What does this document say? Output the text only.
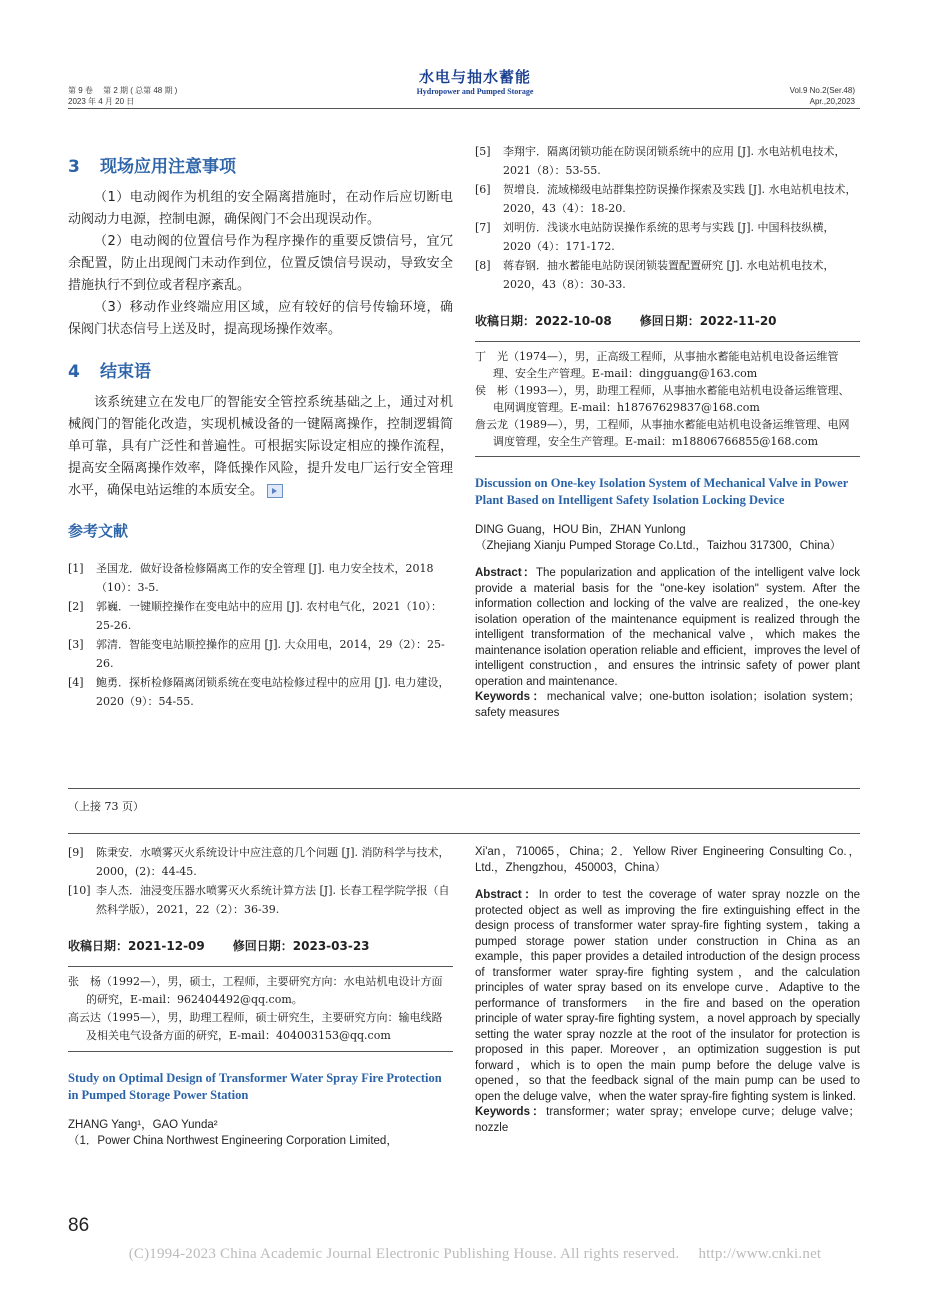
第 9 卷　 第 2 期 ( 总第 48 期 )
2023 年 4 月 20 日
水电与抽水蓄能
Hydropower and Pumped Storage	Vol.9 No.2(Ser.48)
Apr.,20,2023
3 现场应用注意事项

（1）电动阀作为机组的安全隔离措施时，在动作后应切断电动阀动力电源，控制电源，确保阀门不会出现误动作。

（2）电动阀的位置信号作为程序操作的重要反馈信号，宜冗余配置，防止出现阀门未动作到位，位置反馈信号误动，导致安全措施执行不到位或者程序紊乱。

（3）移动作业终端应用区域，应有较好的信号传输环境，确保阀门状态信号上送及时，提高现场操作效率。

4 结束语

该系统建立在发电厂的智能安全管控系统基础之上，通过对机械阀门的智能化改造，实现机械设备的一键隔离操作，控制逻辑简单可靠，具有广泛性和普遍性。可根据实际设定相应的操作流程，提高安全隔离操作效率，降低操作风险，提升发电厂运行安全管理水平，确保电站运维的本质安全。

参考文献

[1] 圣国龙．做好设备检修隔离工作的安全管理 [J]. 电力安全技术，2018（10）：3-5.

[2] 郭巍．一键顺控操作在变电站中的应用 [J]. 农村电气化，2021（10）：25-26.

[3] 郭清．智能变电站顺控操作的应用 [J]. 大众用电，2014，29（2）：25-26.

[4] 鲍勇．探析检修隔离闭锁系统在变电站检修过程中的应用 [J]. 电力建设，2020（9）：54-55.

[5] 李翔宇．隔离闭锁功能在防误闭锁系统中的应用 [J]. 水电站机电技术，2021（8）：53-55.

[6] 贺增良．流域梯级电站群集控防误操作探索及实践 [J]. 水电站机电技术，2020，43（4）：18-20.

[7] 刘明仿．浅谈水电站防误操作系统的思考与实践 [J]. 中国科技纵横，2020（4）：171-172.

[8] 蒋春钢．抽水蓄能电站防误闭锁装置配置研究 [J]. 水电站机电技术，2020，43（8）：30-33.

收稿日期：2022-10-08 修回日期：2022-11-20

丁　光（1974—），男，正高级工程师，从事抽水蓄能电站机电设备运维管理、安全生产管理。E-mail：dingguang@163.com

侯　彬（1993—），男，助理工程师，从事抽水蓄能电站机电设备运维管理、电网调度管理。E-mail：h18767629837@168.com

詹云龙（1989—），男，工程师，从事抽水蓄能电站机电设备运维管理、电网调度管理，安全生产管理。E-mail：m18806766855@168.com

Discussion on One-key Isolation System of Mechanical Valve in Power Plant Based on Intelligent Safety Isolation Locking Device
DING Guang，HOU Bin，ZHAN Yunlong
（Zhejiang Xianju Pumped Storage Co.Ltd.，Taizhou 317300，China）
Abstract：The popularization and application of the intelligent valve lock provide a material basis for the "one-key isolation" system. After the information collection and locking of the valve are realized，the one-key isolation operation of the maintenance equipment is realized through the intelligent transformation of the mechanical valve，which makes the maintenance isolation operation reliable and efficient，improves the level of intelligent construction，and ensures the intrinsic safety of power plant operation and maintenance.
Keywords：mechanical valve；one-button isolation；isolation system；safety measures
（上接 73 页）

[9] 陈秉安．水喷雾灭火系统设计中应注意的几个问题 [J]. 消防科学与技术，2000，(2)：44-45.

[10] 李人杰．油浸变压器水喷雾灭火系统计算方法 [J]. 长春工程学院学报（自然科学版），2021，22（2）：36-39.

收稿日期：2021-12-09 修回日期：2023-03-23

张　杨（1992—），男，硕士，工程师，主要研究方向：水电站机电设计方面的研究，E-mail：962404492@qq.com。

高云达（1995—），男，助理工程师，硕士研究生，主要研究方向：输电线路及相关电气设备方面的研究，E-mail：404003153@qq.com

Study on Optimal Design of Transformer Water Spray Fire Protection in Pumped Storage Power Station
ZHANG Yang¹，GAO Yunda²
（1．Power China Northwest Engineering Corporation Limited，
Xi'an，710065，China；2．Yellow River Engineering Consulting Co.，Ltd.，Zhengzhou，450003，China）
Abstract：In order to test the coverage of water spray nozzle on the protected object as well as improving the fire extinguishing effect in the design process of transformer water spray-fire fighting system，taking a pumped storage power station under construction in China as an example，this paper provides a detailed introduction of the design process of transformer water spray-fire fighting system，and the calculation principles of water spray based on its envelope curve．Adaptive to the performance of transformers　in the fire and based on the operation principle of water spray-fire fighting system，a novel approach by specially setting the water spray nozzle at the root of the insulator for protection is proposed in this paper. Moreover，an optimization suggestion is put forward，which is to open the main pump before the deluge valve is opened，so that the feedback signal of the main pump can be used to open the deluge valve，when the water spray-fire fighting system is linked.
Keywords：transformer；water spray；envelope curve；deluge valve；nozzle
86
(C)1994-2023 China Academic Journal Electronic Publishing House. All rights reserved.　 http://www.cnki.net
